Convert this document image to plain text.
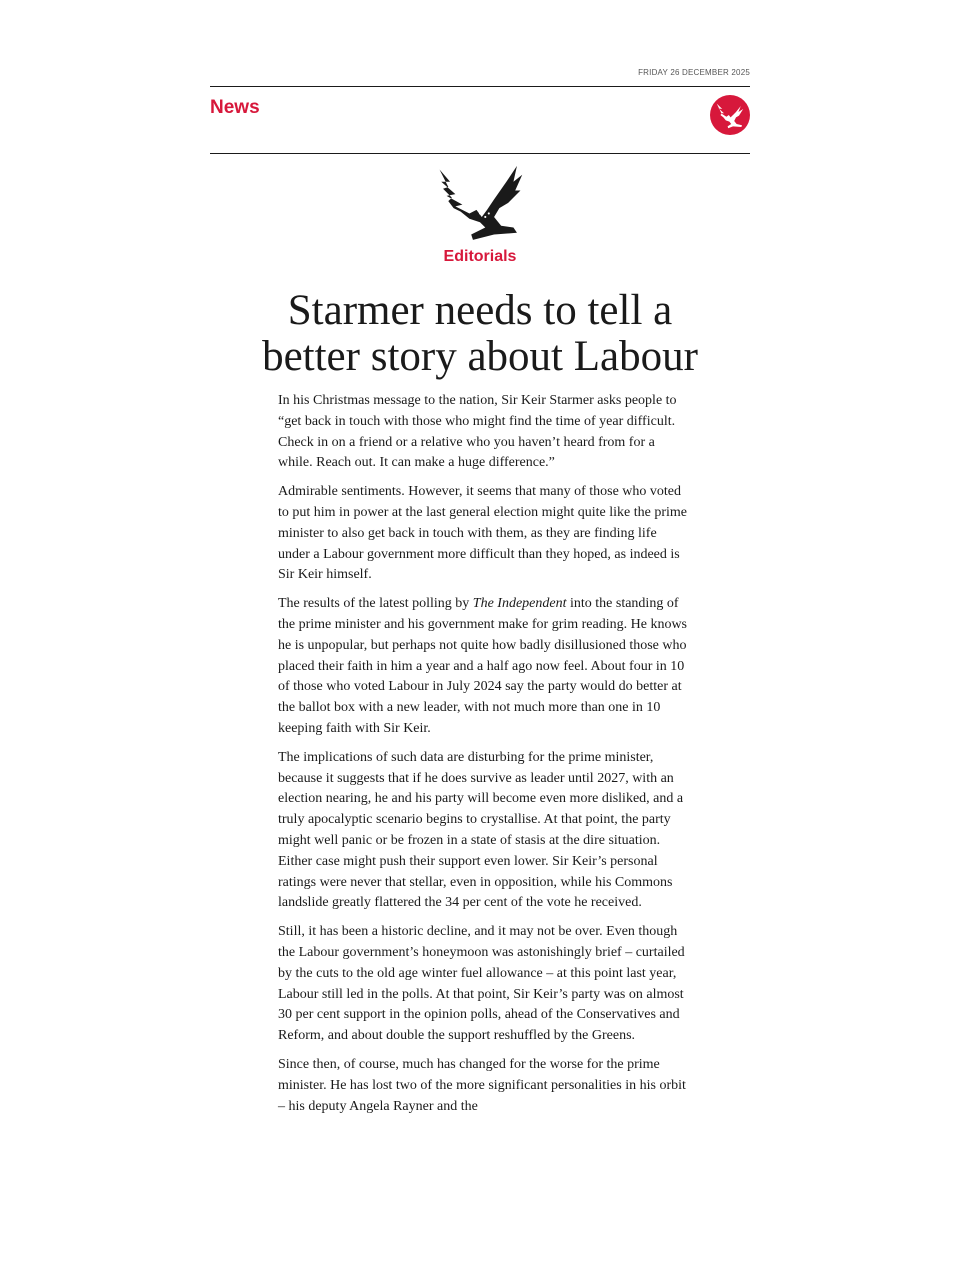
FRIDAY 26 DECEMBER 2025
News
Editorials
Starmer needs to tell a
better story about Labour

In his Christmas message to the nation, Sir Keir Starmer asks people to “get back in touch with those who might find the time of year difficult. Check in on a friend or a relative who you haven’t heard from for a while. Reach out. It can make a huge difference.”

Admirable sentiments. However, it seems that many of those who voted to put him in power at the last general election might quite like the prime minister to also get back in touch with them, as they are finding life under a Labour government more difficult than they hoped, as indeed is Sir Keir himself.

The results of the latest polling by The Independent into the standing of the prime minister and his government make for grim reading. He knows he is unpopular, but perhaps not quite how badly disillusioned those who placed their faith in him a year and a half ago now feel. About four in 10 of those who voted Labour in July 2024 say the party would do better at the ballot box with a new leader, with not much more than one in 10 keeping faith with Sir Keir.

The implications of such data are disturbing for the prime minister, because it suggests that if he does survive as leader until 2027, with an election nearing, he and his party will become even more disliked, and a truly apocalyptic scenario begins to crystallise. At that point, the party might well panic or be frozen in a state of stasis at the dire situation. Either case might push their support even lower. Sir Keir’s personal ratings were never that stellar, even in opposition, while his Commons landslide greatly flattered the 34 per cent of the vote he received.

Still, it has been a historic decline, and it may not be over. Even though the Labour government’s honeymoon was astonishingly brief – curtailed by the cuts to the old age winter fuel allowance – at this point last year, Labour still led in the polls. At that point, Sir Keir’s party was on almost 30 per cent support in the opinion polls, ahead of the Conservatives and Reform, and about double the support reshuffled by the Greens.

Since then, of course, much has changed for the worse for the prime minister. He has lost two of the more significant personalities in his orbit – his deputy Angela Rayner and the
